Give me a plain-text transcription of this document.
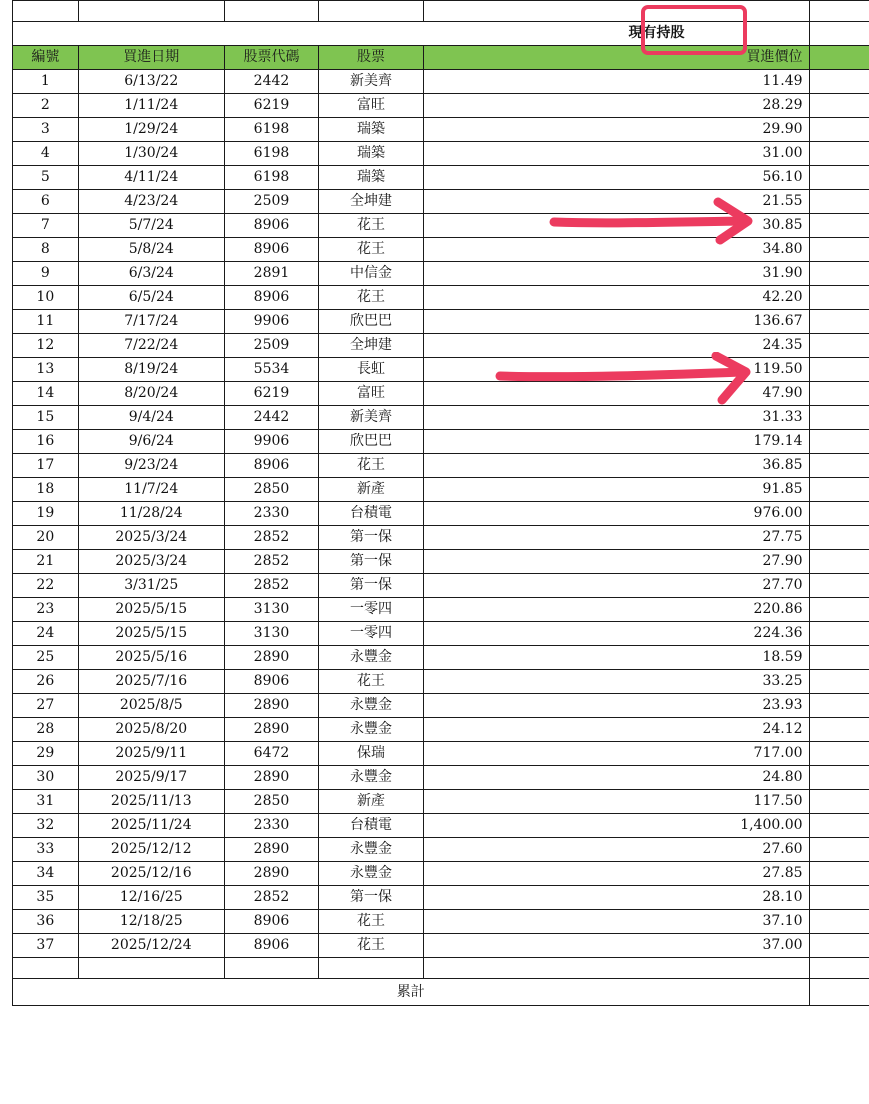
現有持股					
編號	買進日期	股票代碼	股票	買進價位	
1	6/13/22	2442	新美齊	11.49	
2	1/11/24	6219	富旺	28.29	
3	1/29/24	6198	瑞築	29.90	
4	1/30/24	6198	瑞築	31.00	
5	4/11/24	6198	瑞築	56.10	
6	4/23/24	2509	全坤建	21.55	
7	5/7/24	8906	花王	30.85	
8	5/8/24	8906	花王	34.80	
9	6/3/24	2891	中信金	31.90	
10	6/5/24	8906	花王	42.20	
11	7/17/24	9906	欣巴巴	136.67	
12	7/22/24	2509	全坤建	24.35	
13	8/19/24	5534	長虹	119.50	
14	8/20/24	6219	富旺	47.90	
15	9/4/24	2442	新美齊	31.33	
16	9/6/24	9906	欣巴巴	179.14	
17	9/23/24	8906	花王	36.85	
18	11/7/24	2850	新產	91.85	
19	11/28/24	2330	台積電	976.00	
20	2025/3/24	2852	第一保	27.75	
21	2025/3/24	2852	第一保	27.90	
22	3/31/25	2852	第一保	27.70	
23	2025/5/15	3130	一零四	220.86	
24	2025/5/15	3130	一零四	224.36	
25	2025/5/16	2890	永豐金	18.59	
26	2025/7/16	8906	花王	33.25	
27	2025/8/5	2890	永豐金	23.93	
28	2025/8/20	2890	永豐金	24.12	
29	2025/9/11	6472	保瑞	717.00	
30	2025/9/17	2890	永豐金	24.80	
31	2025/11/13	2850	新產	117.50	
32	2025/11/24	2330	台積電	1,400.00	
33	2025/12/12	2890	永豐金	27.60	
34	2025/12/16	2890	永豐金	27.85	
35	12/16/25	2852	第一保	28.10	
36	12/18/25	8906	花王	37.10	
37	2025/12/24	8906	花王	37.00	

累計					
